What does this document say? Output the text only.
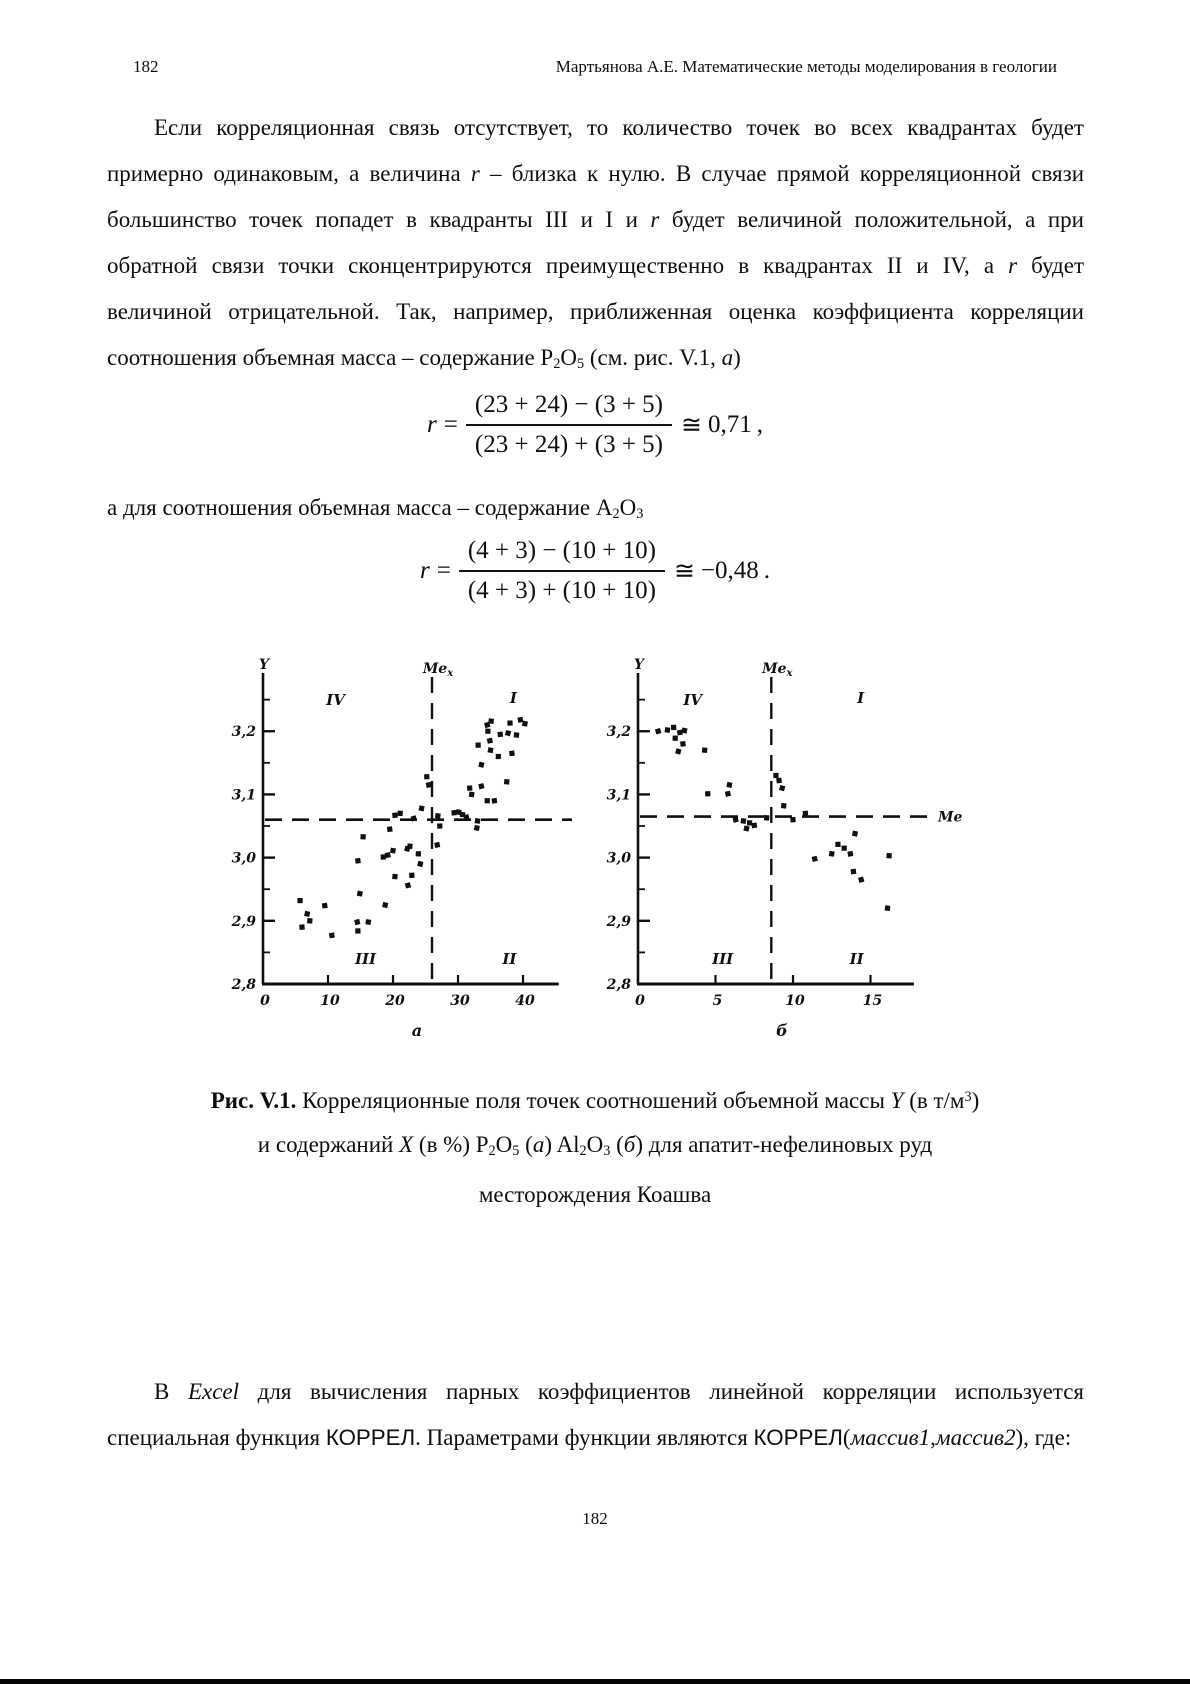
182	Мартьянова А.Е. Математические методы моделирования в геологии

Если корреляционная связь отсутствует, то количество точек во всех квадрантах будет примерно одинаковым, а величина r – близка к нулю. В случае прямой корреляционной связи большинство точек попадет в квадранты III и I и r будет величиной положительной, а при обратной связи точки сконцентрируются преимущественно в квадрантах II и IV, а r будет величиной отрицательной. Так, например, приближенная оценка коэффициента корреляции соотношения объемная масса – содержание P2O5 (см. рис. V.1, а)

$r = \frac{(23 + 24) - (3 + 5)}{(23 + 24) + (3 + 5)}$ ≅ 0,71 ,

а для соотношения объемная масса – содержание A2O3

$r = \frac{(4 + 3) - (10 + 10)}{(4 + 3) + (10 + 10)}$ ≅ −0,48 .
2,8
2,9
3,0
3,1
3,2
0	10	20	30	40
$Ме_х$
Y
IV	I
III	II
а
2,8
2,9
3,0
3,1
3,2
0	5	10	15
$Ме_х$
Ме
Y
IV	I
III	II
б
Рис. V.1. Корреляционные поля точек соотношений объемной массы Y (в $т/м^3$)
и содержаний X (в %) P2O5 (а) Al2O3 (б) для апатит-нефелиновых руд
месторождения Коашва

В Excel для вычисления парных коэффициентов линейной корреляции используется специальная функция КОРРЕЛ. Параметрами функции являются КОРРЕЛ(массив1,массив2), где:

182
